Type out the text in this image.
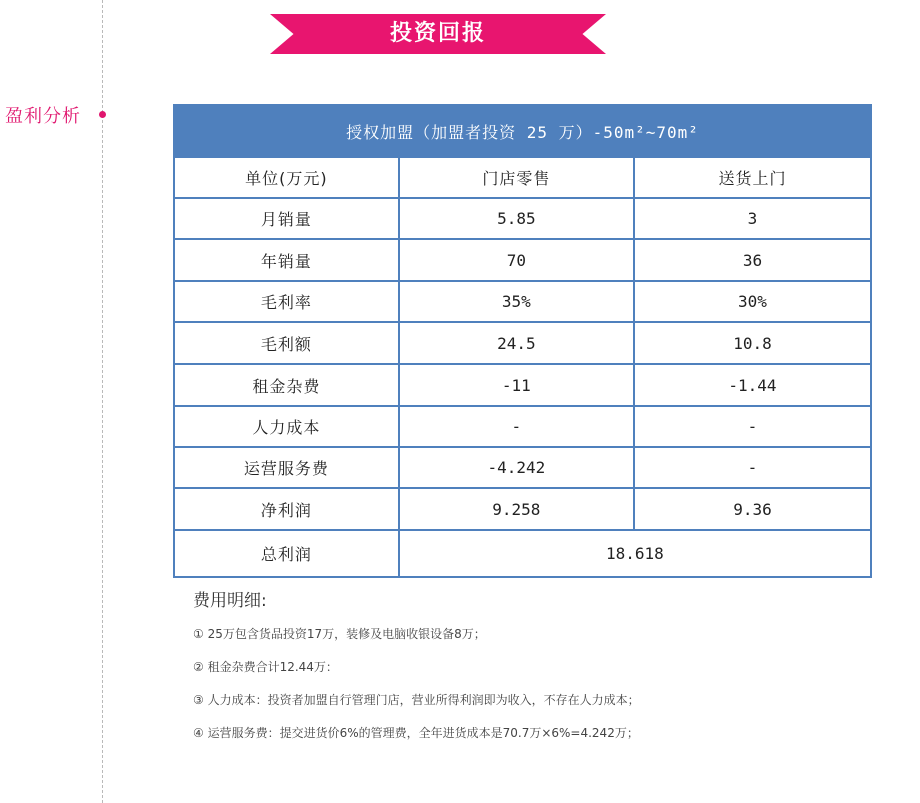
盈利分析
投资回报
授权加盟（加盟者投资 25 万）-50m²~70m²		
单位(万元)	门店零售	送货上门
月销量	5.85	3
年销量	70	36
毛利率	35%	30%
毛利额	24.5	10.8
租金杂费	-11	-1.44
人力成本	-	-
运营服务费	-4.242	-
净利润	9.258	9.36
总利润	18.618	
费用明细:
① 25万包含货品投资17万，装修及电脑收银设备8万；
② 租金杂费合计12.44万：
③ 人力成本：投资者加盟自行管理门店，营业所得利润即为收入，不存在人力成本；
④ 运营服务费：提交进货价6%的管理费，全年进货成本是70.7万×6%=4.242万；
